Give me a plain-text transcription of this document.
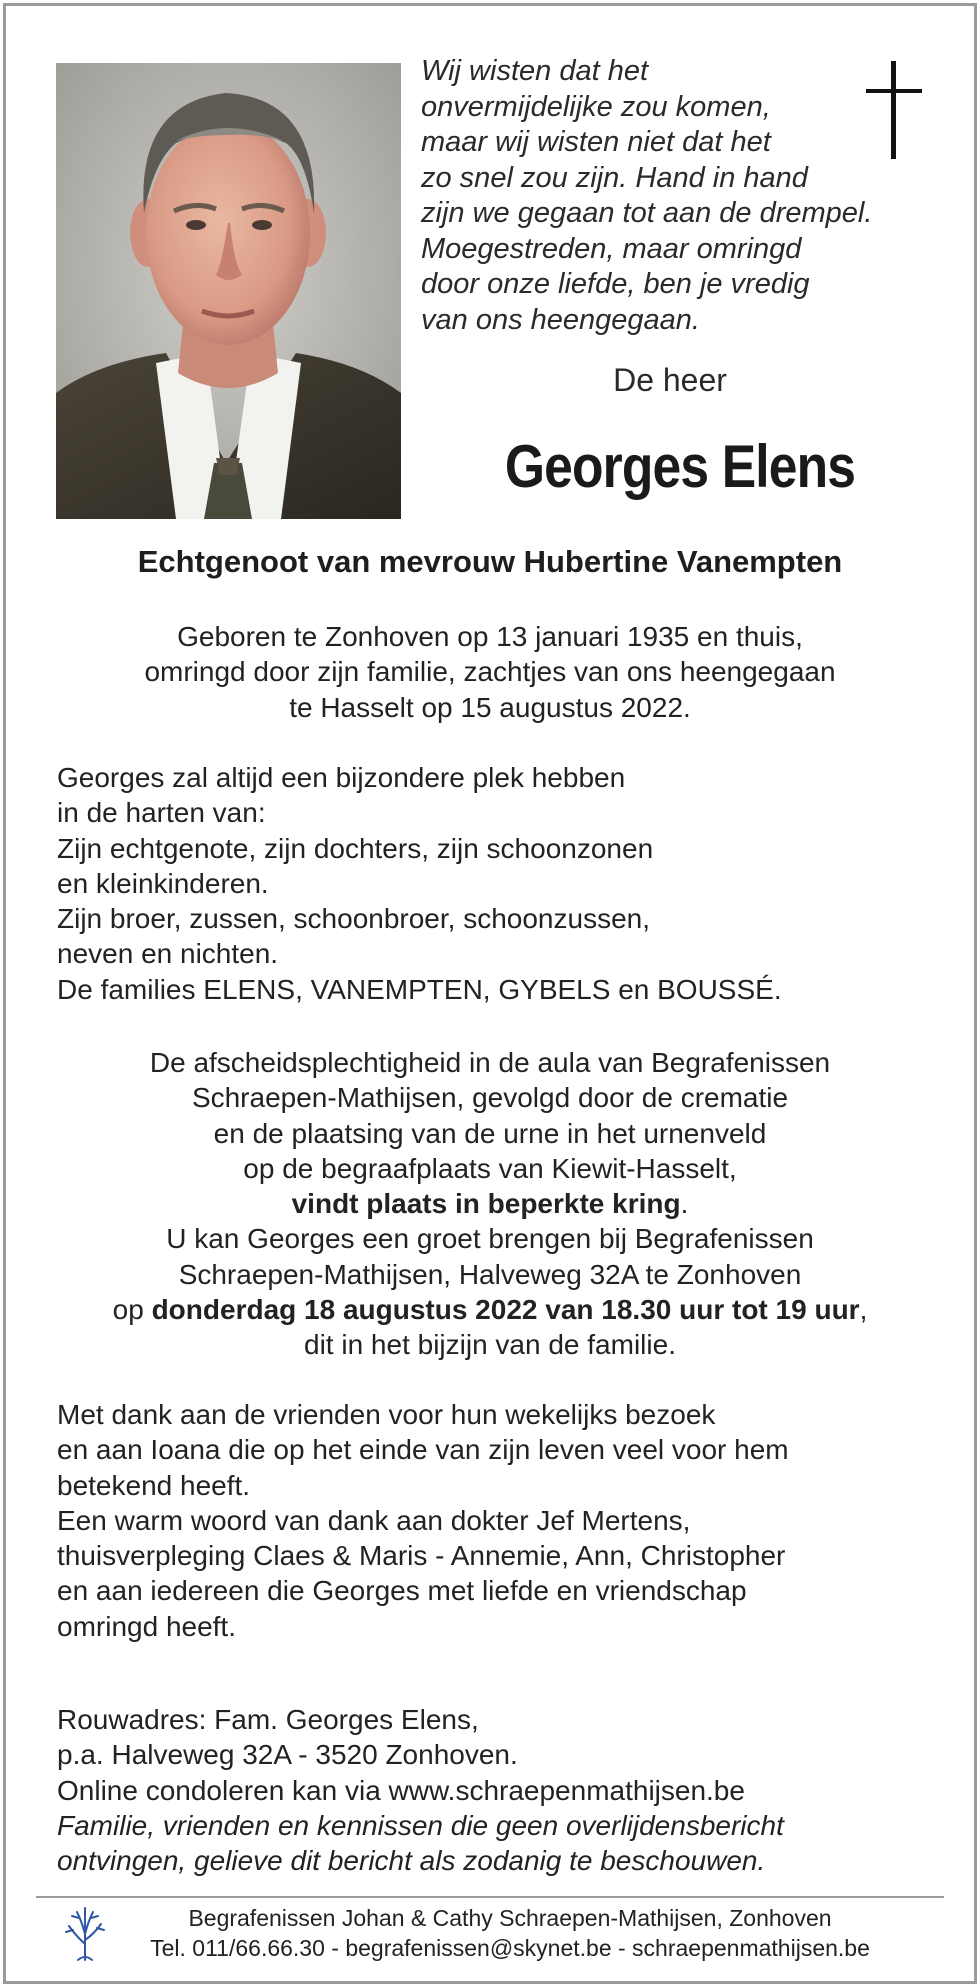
Wij wisten dat het
onvermijdelijke zou komen,
maar wij wisten niet dat het
zo snel zou zijn. Hand in hand
zijn we gegaan tot aan de drempel.
Moegestreden, maar omringd
door onze liefde, ben je vredig
van ons heengegaan.
De heer
Georges Elens
Echtgenoot van mevrouw Hubertine Vanempten
Geboren te Zonhoven op 13 januari 1935 en thuis,
omringd door zijn familie, zachtjes van ons heengegaan
te Hasselt op 15 augustus 2022.
Georges zal altijd een bijzondere plek hebben
in de harten van:
Zijn echtgenote, zijn dochters, zijn schoonzonen
en kleinkinderen.
Zijn broer, zussen, schoonbroer, schoonzussen,
neven en nichten.
De families ELENS, VANEMPTEN, GYBELS en BOUSSÉ.
De afscheidsplechtigheid in de aula van Begrafenissen
Schraepen-Mathijsen, gevolgd door de crematie
en de plaatsing van de urne in het urnenveld
op de begraafplaats van Kiewit-Hasselt,
vindt plaats in beperkte kring.
U kan Georges een groet brengen bij Begrafenissen
Schraepen-Mathijsen, Halveweg 32A te Zonhoven
op donderdag 18 augustus 2022 van 18.30 uur tot 19 uur,
dit in het bijzijn van de familie.
Met dank aan de vrienden voor hun wekelijks bezoek
en aan Ioana die op het einde van zijn leven veel voor hem
betekend heeft.
Een warm woord van dank aan dokter Jef Mertens,
thuisverpleging Claes & Maris - Annemie, Ann, Christopher
en aan iedereen die Georges met liefde en vriendschap
omringd heeft.
Rouwadres: Fam. Georges Elens,
p.a. Halveweg 32A - 3520 Zonhoven.
Online condoleren kan via www.schraepenmathijsen.be
Familie, vrienden en kennissen die geen overlijdensbericht
ontvingen, gelieve dit bericht als zodanig te beschouwen.
Begrafenissen Johan & Cathy Schraepen-Mathijsen, Zonhoven
Tel. 011/66.66.30 - begrafenissen@skynet.be - schraepenmathijsen.be
